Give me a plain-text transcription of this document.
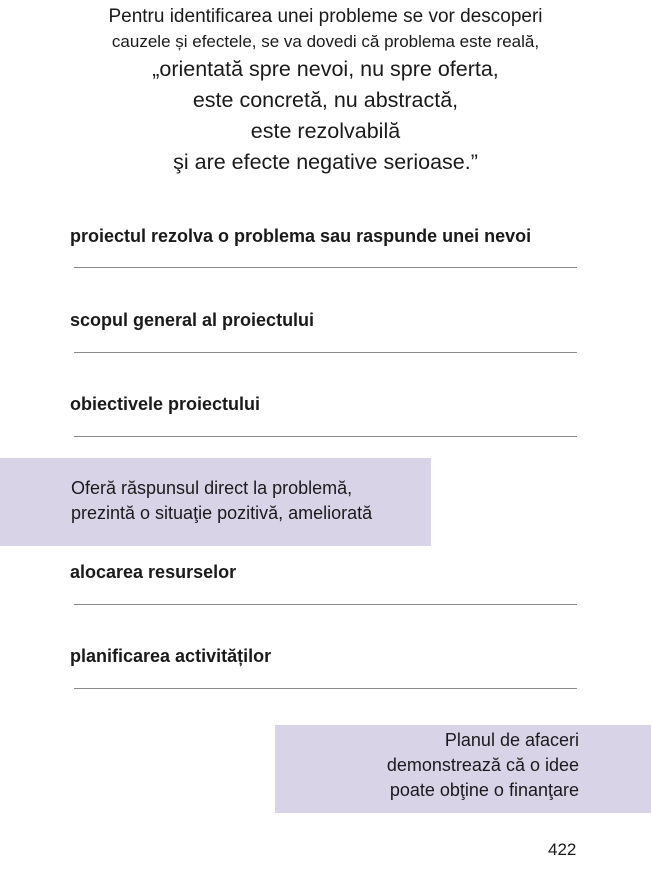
Pentru identificarea unei probleme se vor descoperi
cauzele și efectele, se va dovedi că problema este reală,
„orientată spre nevoi, nu spre oferta,
este concretă, nu abstractă,
este rezolvabilă
şi are efecte negative serioase.”
proiectul rezolva o problema sau raspunde unei nevoi
scopul general al proiectului
obiectivele proiectului
Oferă răspunsul direct la problemă,
prezintă o situaţie pozitivă, ameliorată
alocarea resurselor
planificarea activităților
Planul de afaceri
demonstrează că o idee
poate obţine o finanţare
422
